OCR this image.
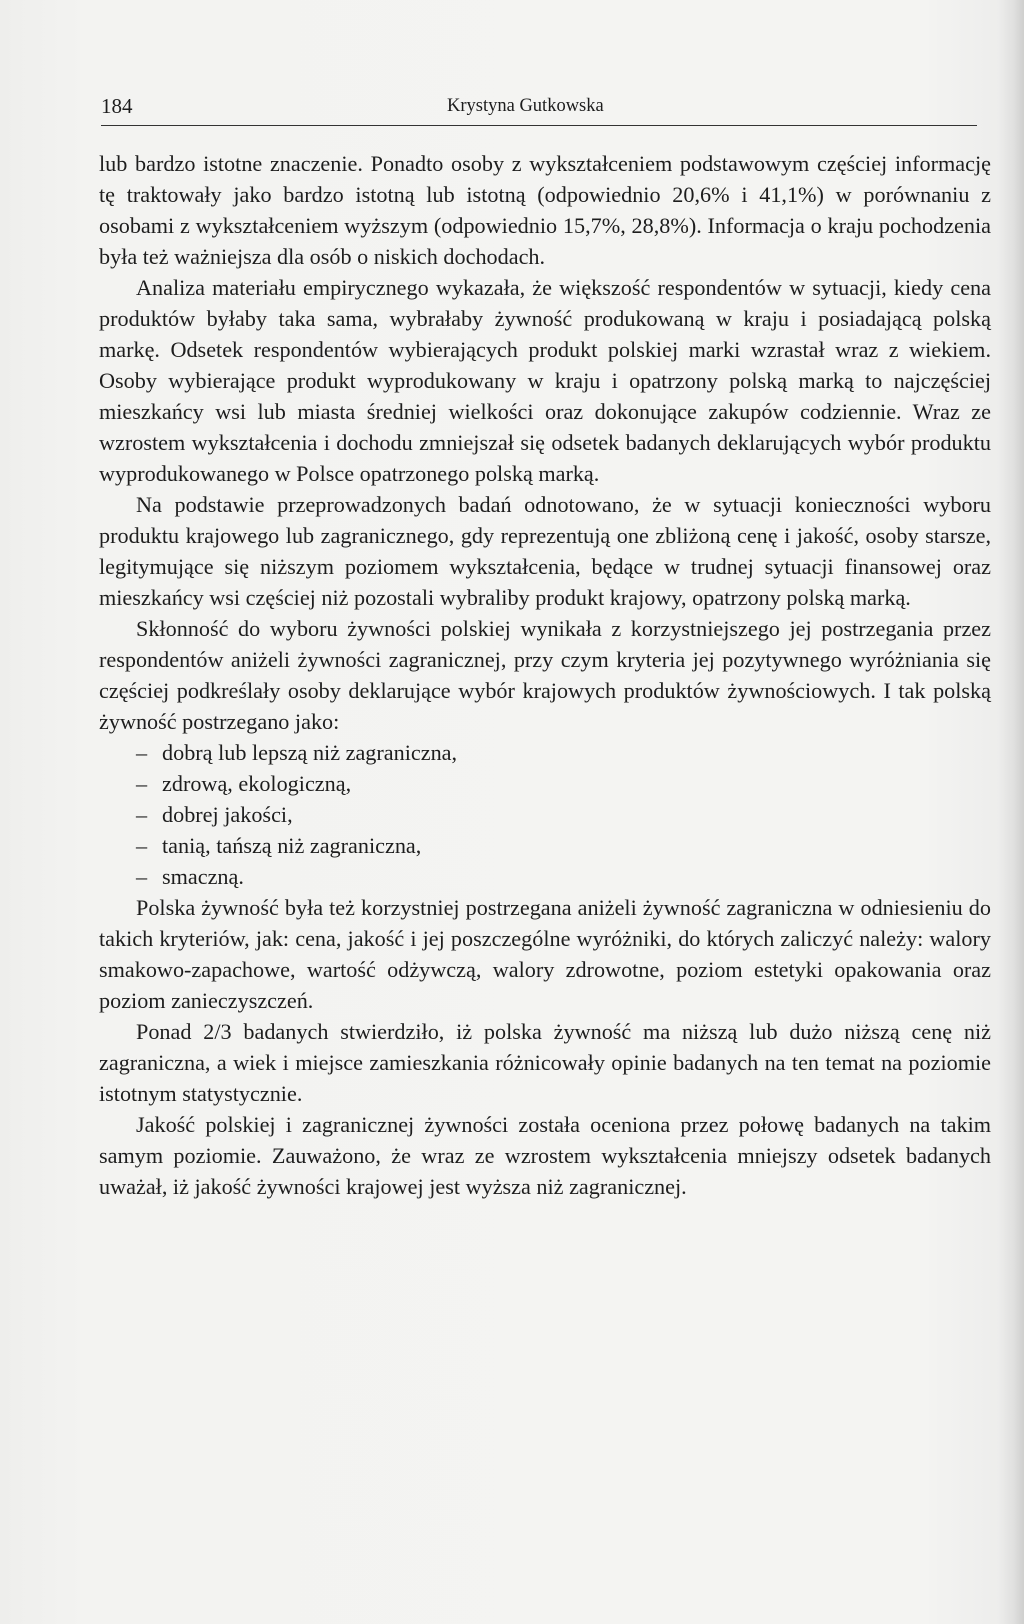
184	Krystyna Gutkowska

lub bardzo istotne znaczenie. Ponadto osoby z wykształceniem podstawowym częściej informację tę traktowały jako bardzo istotną lub istotną (odpowiednio 20,6% i 41,1%) w porównaniu z osobami z wykształceniem wyższym (odpowiednio 15,7%, 28,8%). Informacja o kraju pochodzenia była też ważniejsza dla osób o niskich dochodach.

Analiza materiału empirycznego wykazała, że większość respondentów w sytuacji, kiedy cena produktów byłaby taka sama, wybrałaby żywność produkowaną w kraju i posiadającą polską markę. Odsetek respondentów wybierających produkt polskiej marki wzrastał wraz z wiekiem. Osoby wybierające produkt wyprodukowany w kraju i opatrzony polską marką to najczęściej mieszkańcy wsi lub miasta średniej wielkości oraz dokonujące zakupów codziennie. Wraz ze wzrostem wykształcenia i dochodu zmniejszał się odsetek badanych deklarujących wybór produktu wyprodukowanego w Polsce opatrzonego polską marką.

Na podstawie przeprowadzonych badań odnotowano, że w sytuacji konieczności wyboru produktu krajowego lub zagranicznego, gdy reprezentują one zbliżoną cenę i jakość, osoby starsze, legitymujące się niższym poziomem wykształcenia, będące w trudnej sytuacji finansowej oraz mieszkańcy wsi częściej niż pozostali wybraliby produkt krajowy, opatrzony polską marką.

Skłonność do wyboru żywności polskiej wynikała z korzystniejszego jej postrzegania przez respondentów aniżeli żywności zagranicznej, przy czym kryteria jej pozytywnego wyróżniania się częściej podkreślały osoby deklarujące wybór krajowych produktów żywnościowych. I tak polską żywność postrzegano jako:

– dobrą lub lepszą niż zagraniczna,
– zdrową, ekologiczną,
– dobrej jakości,
– tanią, tańszą niż zagraniczna,
– smaczną.

Polska żywność była też korzystniej postrzegana aniżeli żywność zagraniczna w odniesieniu do takich kryteriów, jak: cena, jakość i jej poszczególne wyróżniki, do których zaliczyć należy: walory smakowo-zapachowe, wartość odżywczą, walory zdrowotne, poziom estetyki opakowania oraz poziom zanieczyszczeń.

Ponad 2/3 badanych stwierdziło, iż polska żywność ma niższą lub dużo niższą cenę niż zagraniczna, a wiek i miejsce zamieszkania różnicowały opinie badanych na ten temat na poziomie istotnym statystycznie.

Jakość polskiej i zagranicznej żywności została oceniona przez połowę badanych na takim samym poziomie. Zauważono, że wraz ze wzrostem wykształcenia mniejszy odsetek badanych uważał, iż jakość żywności krajowej jest wyższa niż zagranicznej.
